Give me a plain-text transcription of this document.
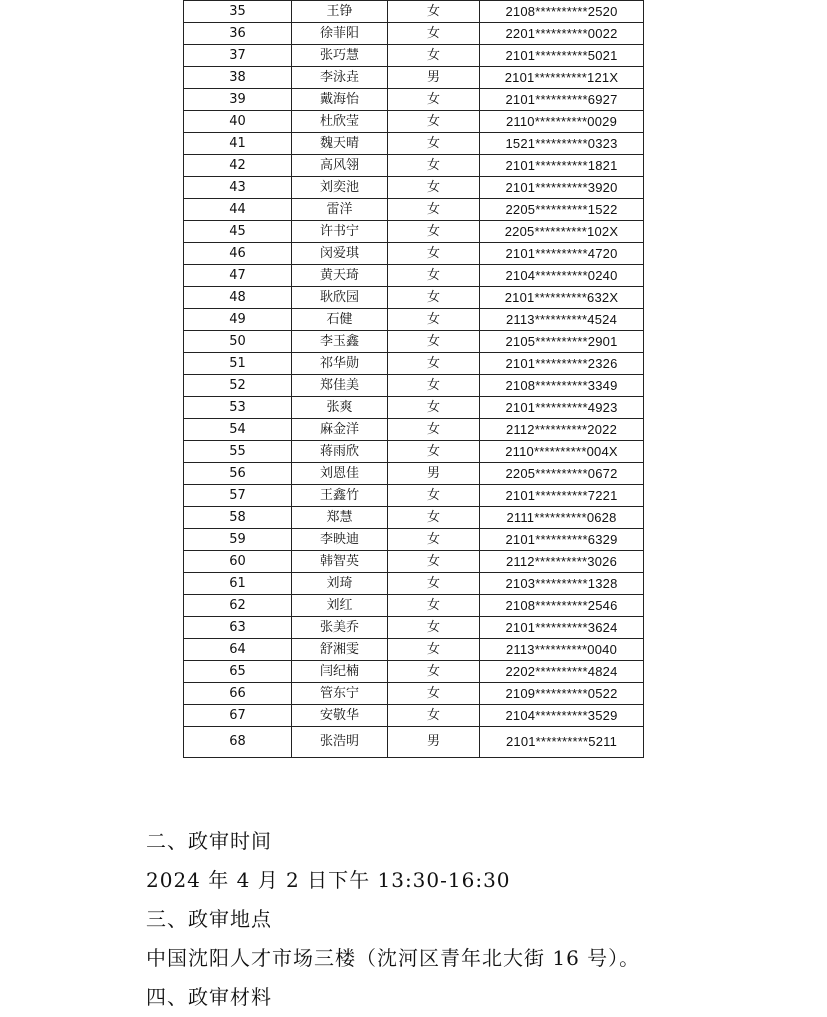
35	王铮	女	2108**********2520
36	徐菲阳	女	2201**********0022
37	张巧慧	女	2101**********5021
38	李泳垚	男	2101**********121X
39	戴海怡	女	2101**********6927
40	杜欣莹	女	2110**********0029
41	魏天晴	女	1521**********0323
42	高风翎	女	2101**********1821
43	刘奕池	女	2101**********3920
44	雷洋	女	2205**********1522
45	许书宁	女	2205**********102X
46	闵爱琪	女	2101**********4720
47	黄天琦	女	2104**********0240
48	耿欣园	女	2101**********632X
49	石健	女	2113**********4524
50	李玉鑫	女	2105**********2901
51	祁华勋	女	2101**********2326
52	郑佳美	女	2108**********3349
53	张爽	女	2101**********4923
54	麻金洋	女	2112**********2022
55	蒋雨欣	女	2110**********004X
56	刘恩佳	男	2205**********0672
57	王鑫竹	女	2101**********7221
58	郑慧	女	2111**********0628
59	李映迪	女	2101**********6329
60	韩智英	女	2112**********3026
61	刘琦	女	2103**********1328
62	刘红	女	2108**********2546
63	张美乔	女	2101**********3624
64	舒湘雯	女	2113**********0040
65	闫纪楠	女	2202**********4824
66	管东宁	女	2109**********0522
67	安敬华	女	2104**********3529
68	张浩明	男	2101**********5211

二、政审时间

2024 年 4 月 2 日下午 13:30-16:30

三、政审地点

中国沈阳人才市场三楼（沈河区青年北大街 16 号）。

四、政审材料
